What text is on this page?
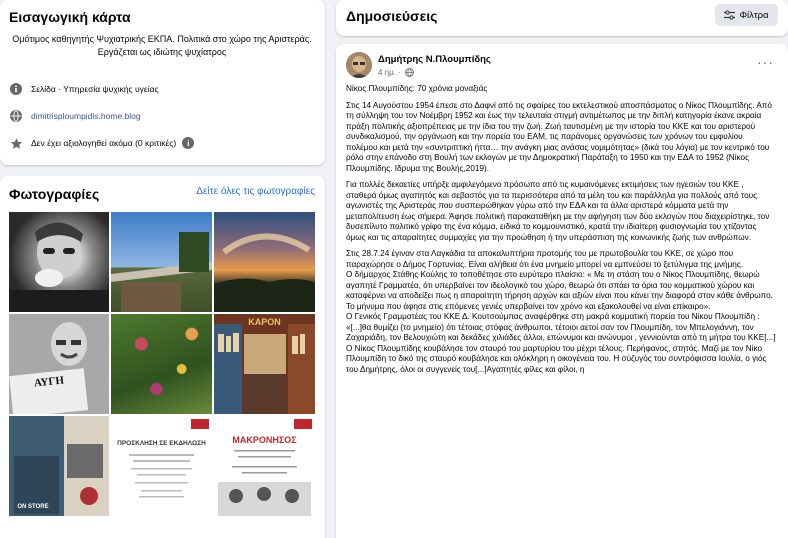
Εισαγωγική κάρτα
Ομότιμος καθηγητής Ψυχιατρικής ΕΚΠΑ. Πολιτικά στο χώρο της Αριστεράς. Εργάζεται ως ιδιώτης ψυχίατρος
Σελίδα · Υπηρεσία ψυχικής υγείας
dimitrisploumpidis.home.blog
Δεν έχει αξιολογηθεί ακόμα (0 κριτικές)	i
Φωτογραφίες	Δείτε όλες τις φωτογραφίες
ΑΥΓΗ
KAPON
ON STORE
ΠΡΟΣΚΛΗΣΗ ΣΕ ΕΚΔΗΛΩΣΗ	ΜΑΚΡΟΝΗΣΟΣ
Δημοσιεύσεις	Φίλτρα
Δημήτρης Ν.Πλουμπίδης
4 ημ. ·
···

Νίκος Πλουμπίδης: 70 χρόνια μοναξιάς

Στις 14 Αυγούστου 1954 έπεσε στο Δαφνί από τις σφαίρες του εκτελεστικού αποσπάσματος ο Νίκος Πλουμπίδης. Από τη σύλληψη του τον Νοέμβρη 1952 και έως την τελευταία στιγμή αντιμέτωπος με την διπλή κατηγορία έκανε ακραία πράξη πολιτικής αξιοπρέπειας με την ίδια του την ζωή. Ζωή ταυτισμένη με την ιστορία του ΚΚΕ και του αριστερού συνδικαλισμού, την οργάνωση και την πορεία του ΕΑΜ, τις παράνομες οργανώσεις των χρόνων του εμφυλίου πολέμου και μετά την «συντριπτική ήττα… την ανάγκη μιας ανάσας νομιμότητας» (δικά του λόγια) με τον κεντρικό του ρόλο στην επάνοδο στη Βουλή των εκλογών με την Δημοκρατική Παράταξη το 1950 και την ΕΔΑ το 1952 (Νίκος Πλουμπίδης. Ιδρυμα της Βουλής,2019).

Για πολλές δεκαετίες υπήρξε αμφιλεγόμενο πρόσωπο από τις κυμαινόμενες εκτιμήσεις των ηγεσιών του ΚΚΕ , σταθερά όμως αγαπητός και σεβαστός για τα περισσότερα από τα μέλη του και παράλληλα για πολλούς από τους αγωνιστές της Αριστεράς που συσπειρώθηκαν γύρω από την ΕΔΑ και τα άλλα αριστερά κόμματα μετά την μεταπολίτευση έως σήμερα. Άφησε πολιτική παρακαταθήκη με την αφήγηση των δύο εκλογών που διαχειρίστηκε, τον δυσεπίλυτο πολιτικό γρίφο της ένα κόμμα, ειδικά το κομμουνιστικό, κρατά την ιδιαίτερη φυσιογνωμία του χτίζοντας όμως και τις απαραίτητες συμμαχίες για την προώθηση ή την υπεράσπιση της κοινωνικής ζωής των ανθρώπων.

Στις 28.7.24 έγιναν στα Λαγκάδια τα αποκαλυπτήρια προτομής του με πρωτοβουλία του ΚΚΕ, σε χώρο που παραχώρησε ο Δήμος Γορτυνίας. Είναι αλήθεια ότι ένα μνημείο μπορεί να εμπνεύσει το ξετύλιγμα της μνήμης.

Ο δήμαρχος Στάθης Κούλης το τοποθέτησε στο ευρύτερο πλαίσιο: « Με τη στάση του ο Νίκος Πλουμπίδης, θεωρώ αγαπητέ Γραμματέα, ότι υπερβαίνει τον ιδεολογικό του χώρο, θεωρώ ότι σπάει τα όρια του κομματικού χώρου και καταφέρνει να αποδείξει πως η απαραίτητη τήρηση αρχών και αξιών είναι που κάνει την διαφορά στον κάθε άνθρωπο. Το μήνυμα που άφησε στις επόμενες γενιές υπερβαίνει τον χρόνο και εξακολουθεί να είναι επίκαιρο».

Ο Γενικός Γραμματέας του ΚΚΕ Δ. Κουτσούμπας αναφέρθηκε στη μακρά κομματική πορεία του Νίκου Πλουμπίδη : «[...]θα θυμίζει (το μνημείο) ότι τέτοιας στόφας άνθρωποι, τέτοιοι αετοί σαν τον Πλουμπίδη, τον Μπελογιάννη, τον Ζαχαριάδη, τον Βελουχιώτη και δεκάδες χιλιάδες άλλοι, επώνυμοι και ανώνυμοι , γεννιούνται από τη μήτρα του ΚΚΕ[...] Ο Νίκος Πλουμπίδης κουβάλησε τον σταυρό του μαρτυρίου του μέχρι τέλους. Περήφανος, στητός. Μαζί με τον Νίκο Πλουμπίδη το δικό της σταυρό κουβάλησε και ολόκληρη η οικογένεια του. Η σύζυγός του συντρόφισσα Ιουλία, ο γιός του Δημήτρης, όλοι οι συγγενείς του[...]Αγαπητές φίλες και φίλοι, η
